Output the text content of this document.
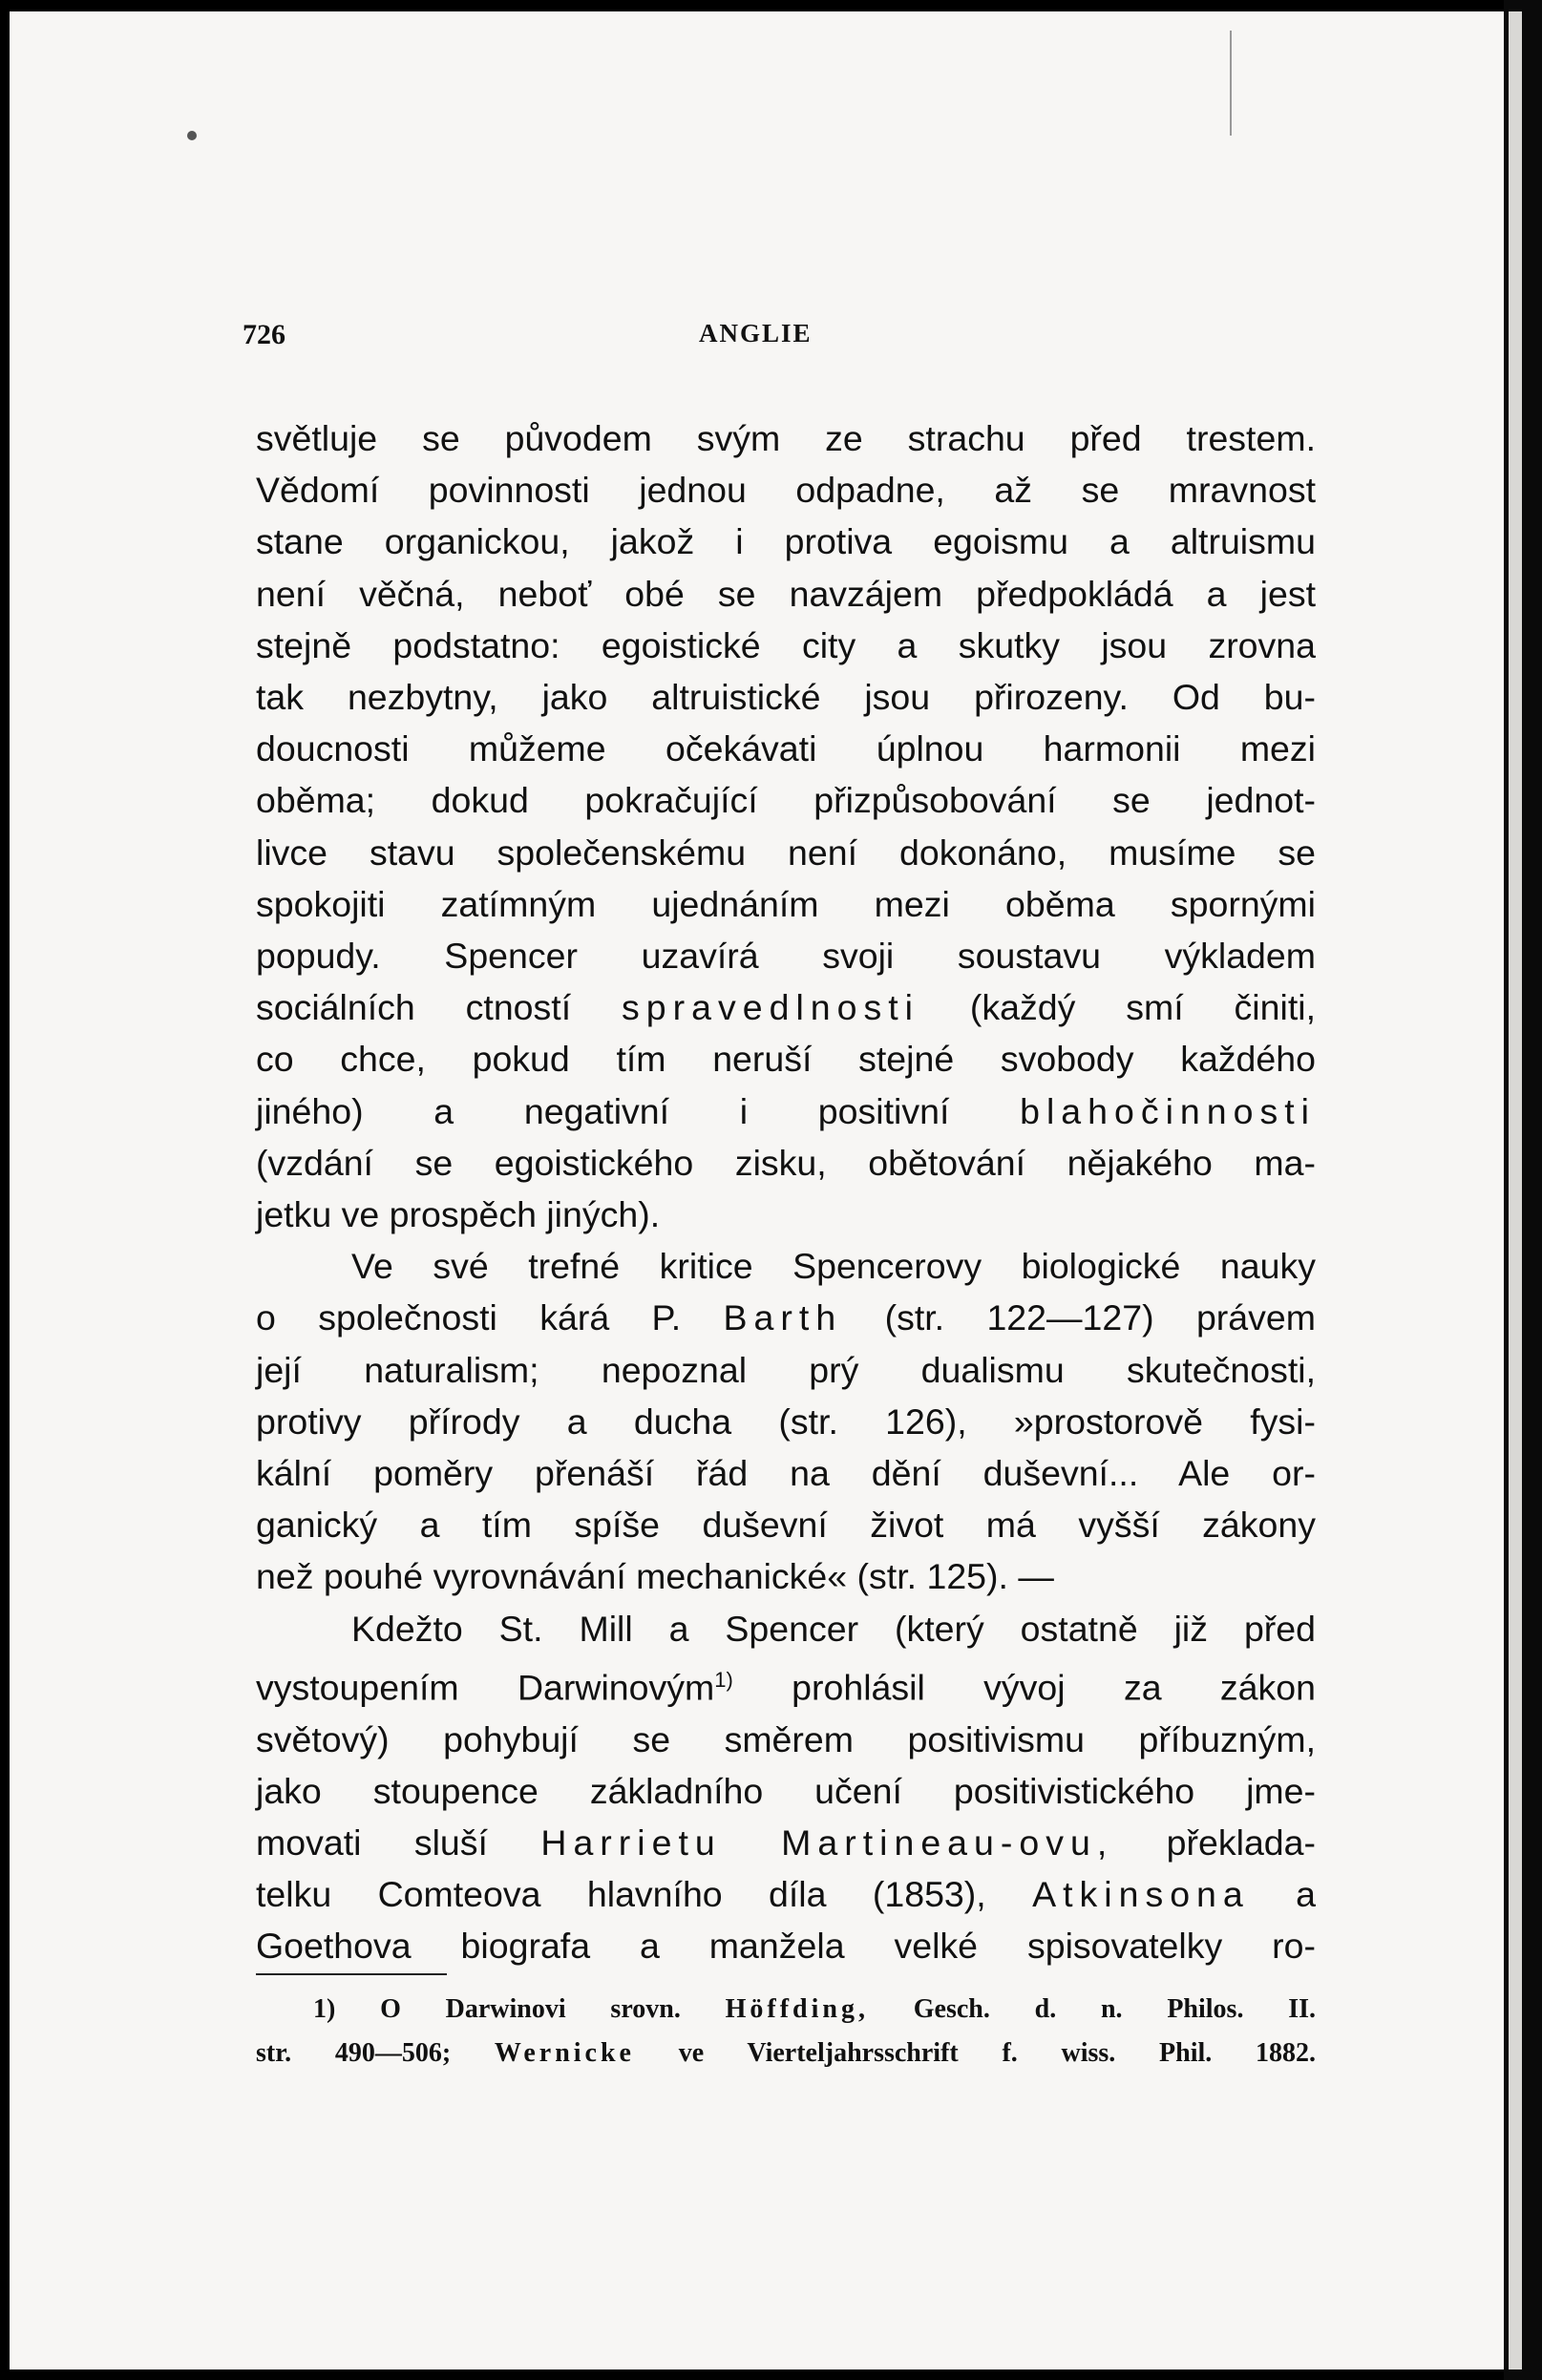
726	ANGLIE
světluje se původem svým ze strachu před trestem.
Vědomí povinnosti jednou odpadne, až se mravnost
stane organickou, jakož i protiva egoismu a altruismu
není věčná, neboť obé se navzájem předpokládá a jest
stejně podstatno: egoistické city a skutky jsou zrovna
tak nezbytny, jako altruistické jsou přirozeny. Od bu-
doucnosti můžeme očekávati úplnou harmonii mezi
oběma; dokud pokračující přizpůsobování se jednot-
livce stavu společenskému není dokonáno, musíme se
spokojiti zatímným ujednáním mezi oběma spornými
popudy. Spencer uzavírá svoji soustavu výkladem
sociálních ctností spravedlnosti (každý smí činiti,
co chce, pokud tím neruší stejné svobody každého
jiného) a negativní i positivní blahočinnosti
(vzdání se egoistického zisku, obětování nějakého ma-
jetku ve prospěch jiných).
Ve své trefné kritice Spencerovy biologické nauky
o společnosti kárá P. Barth (str. 122—127) právem
její naturalism; nepoznal prý dualismu skutečnosti,
protivy přírody a ducha (str. 126), »prostorově fysi-
kální poměry přenáší řád na dění duševní... Ale or-
ganický a tím spíše duševní život má vyšší zákony
než pouhé vyrovnávání mechanické« (str. 125). —
Kdežto St. Mill a Spencer (který ostatně již před
vystoupením Darwinovým$^{1)}$ prohlásil vývoj za zákon
světový) pohybují se směrem positivismu příbuzným,
jako stoupence základního učení positivistického jme-
movati sluší Harrietu Martineau-ovu, překlada-
telku Comteova hlavního díla (1853), Atkinsona a
Goethova biografa a manžela velké spisovatelky ro-
1) O Darwinovi srovn. Höffding, Gesch. d. n. Philos. II.
str. 490—506; Wernicke ve Vierteljahrsschrift f. wiss. Phil. 1882.
